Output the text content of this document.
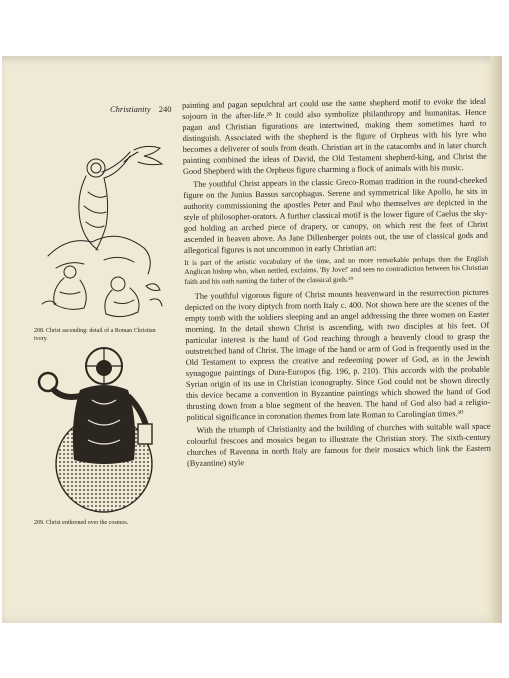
Christianity 240
208. Christ ascending: detail of a Roman Christian ivory.
209. Christ enthroned over the cosmos.

painting and pagan sepulchral art could use the same shepherd motif to evoke the ideal sojourn in the after-life.²⁸ It could also symbolize philanthropy and humanitas. Hence pagan and Christian figurations are intertwined, making them sometimes hard to distinguish. Associated with the shepherd is the figure of Orpheus with his lyre who becomes a deliverer of souls from death. Christian art in the catacombs and in later church painting combined the ideas of David, the Old Testament shepherd-king, and Christ the Good Shepherd with the Orpheus figure charming a flock of animals with his music.

The youthful Christ appears in the classic Greco-Roman tradition in the round-cheeked figure on the Junius Bassus sarcophagus. Serene and symmetrical like Apollo, he sits in authority commissioning the apostles Peter and Paul who themselves are depicted in the style of philosopher-orators. A further classical motif is the lower figure of Caelus the sky-god holding an arched piece of drapery, or canopy, on which rest the feet of Christ ascended in heaven above. As Jane Dillenberger points out, the use of classical gods and allegorical figures is not uncommon in early Christian art:

It is part of the artistic vocabulary of the time, and no more remarkable perhaps than the English Anglican bishop who, when nettled, exclaims, 'By Jove!' and sees no contradiction between his Christian faith and his oath naming the father of the classical gods.²⁹

The youthful vigorous figure of Christ mounts heavenward in the resurrection pictures depicted on the ivory diptych from north Italy c. 400. Not shown here are the scenes of the empty tomb with the soldiers sleeping and an angel addressing the three women on Easter morning. In the detail shown Christ is ascending, with two disciples at his feet. Of particular interest is the hand of God reaching through a heavenly cloud to grasp the outstretched hand of Christ. The image of the hand or arm of God is frequently used in the Old Testament to express the creative and redeeming power of God, as in the Jewish synagogue paintings of Dura-Europos (fig. 196, p. 210). This accords with the probable Syrian origin of its use in Christian iconography. Since God could not be shown directly this device became a convention in Byzantine paintings which showed the hand of God thrusting down from a blue segment of the heaven. The hand of God also had a religio-political significance in coronation themes from late Roman to Carolingian times.³⁰

With the triumph of Christianity and the building of churches with suitable wall space colourful frescoes and mosaics began to illustrate the Christian story. The sixth-century churches of Ravenna in north Italy are famous for their mosaics which link the Eastern (Byzantine) style
